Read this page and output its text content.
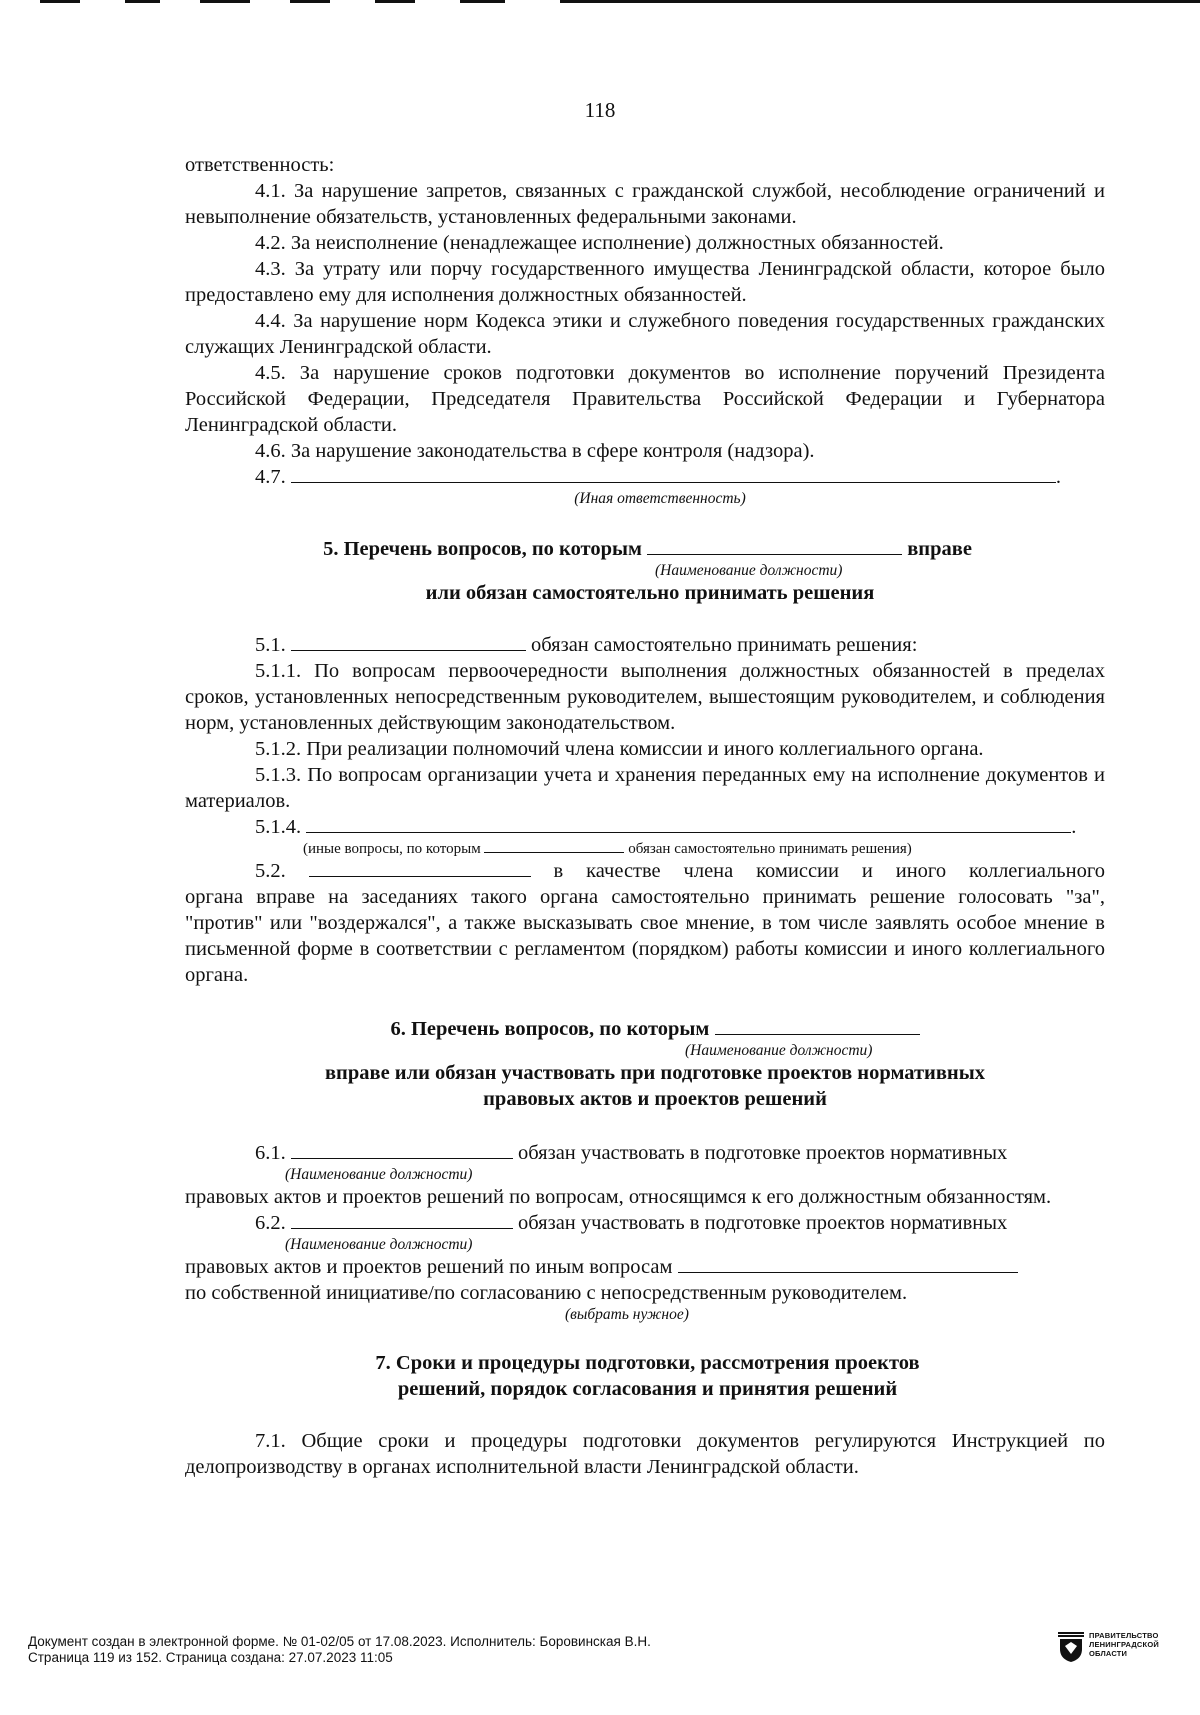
118

ответственность:

4.1. За нарушение запретов, связанных с гражданской службой, несоблюдение ограничений и невыполнение обязательств, установленных федеральными законами.

4.2. За неисполнение (ненадлежащее исполнение) должностных обязанностей.

4.3. За утрату или порчу государственного имущества Ленинградской области, которое было предоставлено ему для исполнения должностных обязанностей.

4.4. За нарушение норм Кодекса этики и служебного поведения государственных гражданских служащих Ленинградской области.

4.5. За нарушение сроков подготовки документов во исполнение поручений Президента Российской Федерации, Председателя Правительства Российской Федерации и Губернатора Ленинградской области.

4.6. За нарушение законодательства в сфере контроля (надзора).

4.7.	.

(Иная ответственность)

5. Перечень вопросов, по которым	вправе

(Наименование должности)

или обязан самостоятельно принимать решения

5.1.	обязан самостоятельно принимать решения:

5.1.1. По вопросам первоочередности выполнения должностных обязанностей в пределах сроков, установленных непосредственным руководителем, вышестоящим руководителем, и соблюдения норм, установленных действующим законодательством.

5.1.2. При реализации полномочий члена комиссии и иного коллегиального органа.

5.1.3. По вопросам организации учета и хранения переданных ему на исполнение документов и материалов.

5.1.4.	.

(иные вопросы, по которым	обязан самостоятельно принимать решения)

5.2.	в качестве члена комиссии и иного коллегиального

органа вправе на заседаниях такого органа самостоятельно принимать решение голосовать "за", "против" или "воздержался", а также высказывать свое мнение, в том числе заявлять особое мнение в письменной форме в соответствии с регламентом (порядком) работы комиссии и иного коллегиального органа.

6. Перечень вопросов, по которым

(Наименование должности)

вправе или обязан участвовать при подготовке проектов нормативных
правовых актов и проектов решений

6.1.	обязан участвовать в подготовке проектов нормативных

(Наименование должности)

правовых актов и проектов решений по вопросам, относящимся к его должностным обязанностям.

6.2.	обязан участвовать в подготовке проектов нормативных

(Наименование должности)

правовых актов и проектов решений по иным вопросам

по собственной инициативе/по согласованию с непосредственным руководителем.

(выбрать нужное)

7. Сроки и процедуры подготовки, рассмотрения проектов
решений, порядок согласования и принятия решений

7.1. Общие сроки и процедуры подготовки документов регулируются Инструкцией по делопроизводству в органах исполнительной власти Ленинградской области.

Документ создан в электронной форме. № 01-02/05 от 17.08.2023. Исполнитель: Боровинская В.Н.
Страница 119 из 152. Страница создана: 27.07.2023 11:05
ПРАВИТЕЛЬСТВО
ЛЕНИНГРАДСКОЙ
ОБЛАСТИ
